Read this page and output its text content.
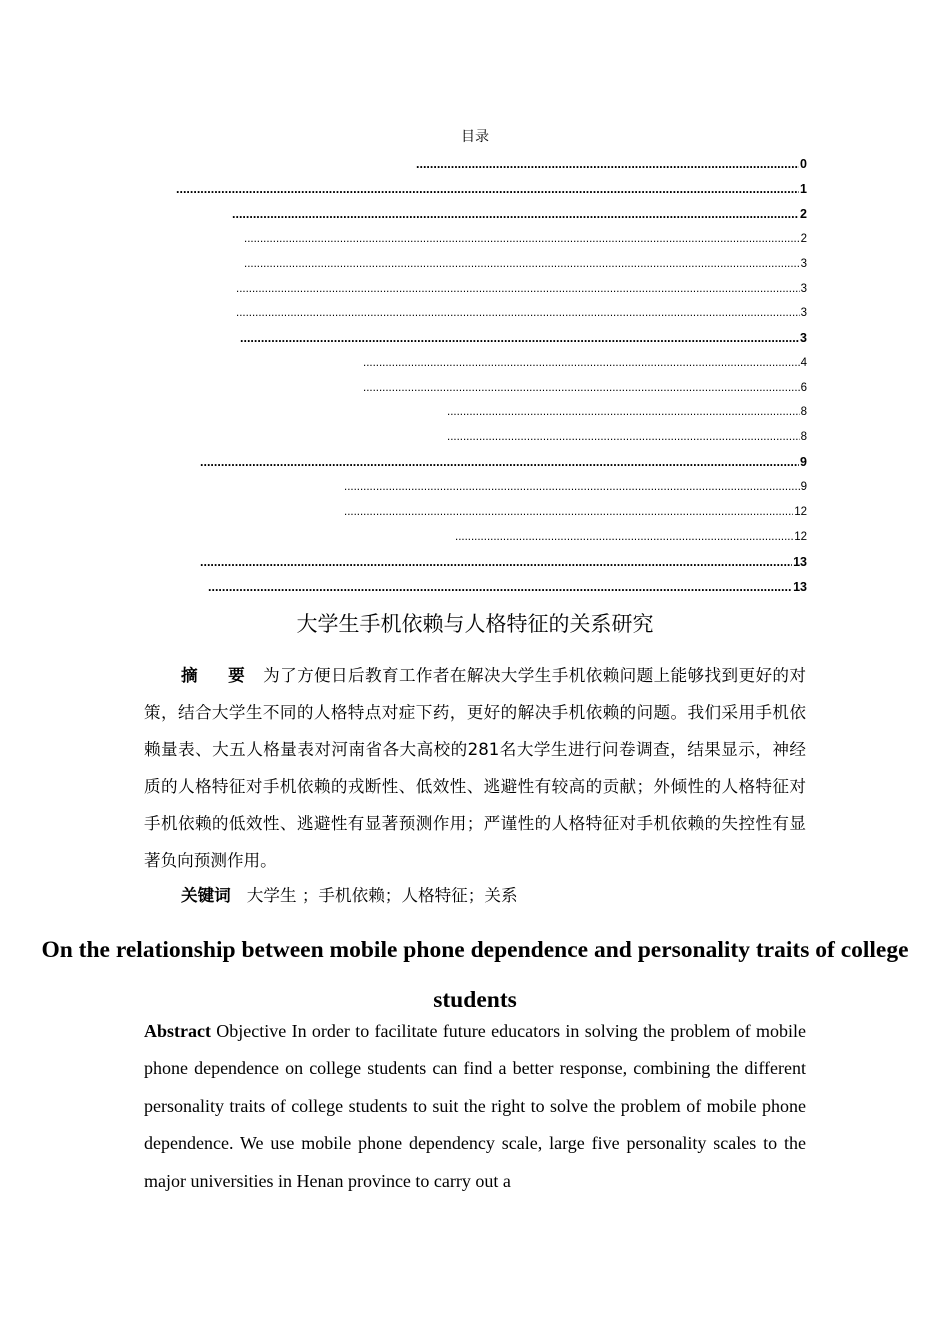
目录
.....
0
.....
1
.....
2
.....
2
.....
3
.....
3
.....
3
.....
3
.....
4
.....
6
.....
8
.....
8
.....
9
.....
9
.....
12
.....
12
.....
13
.....
13
大学生手机依赖与人格特征的关系研究
摘 要 为了方便日后教育工作者在解决大学生手机依赖问题上能够找到更好的对策，结合大学生不同的人格特点对症下药，更好的解决手机依赖的问题。我们采用手机依赖量表、大五人格量表对河南省各大高校的281名大学生进行问卷调查，结果显示，神经质的人格特征对手机依赖的戎断性、低效性、逃避性有较高的贡献；外倾性的人格特征对手机依赖的低效性、逃避性有显著预测作用；严谨性的人格特征对手机依赖的失控性有显著负向预测作用。
关键词 大学生 ；手机依赖；人格特征；关系
On the relationship between mobile phone dependence and personality traits of college students
Abstract Objective In order to facilitate future educators in solving the problem of mobile phone dependence on college students can find a better response, combining the different personality traits of college students to suit the right to solve the problem of mobile phone dependence. We use mobile phone dependency scale, large five personality scales to the major universities in Henan province to carry out a
